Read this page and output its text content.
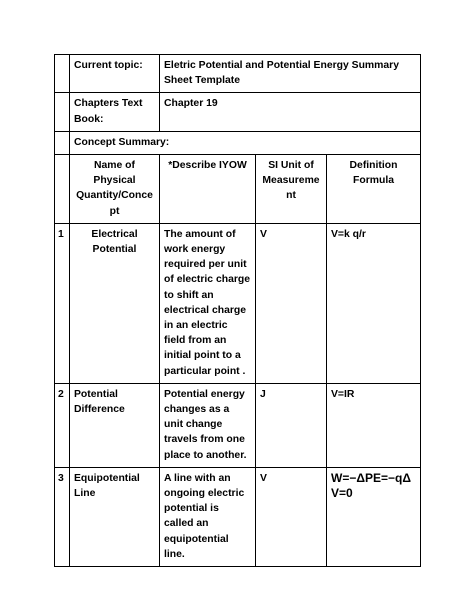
	Current topic:	Eletric Potential and Potential Energy Summary Sheet Template		
	Chapters Text Book:	Chapter 19		
	Concept Summary:			
	Name of Physical Quantity/Concept	*Describe IYOW	SI Unit of Measurement	Definition Formula
1	Electrical Potential	The amount of work energy required per unit of electric charge to shift an electrical charge in an electric field from an initial point to a particular point .	V	V=k q/r
2	Potential Difference	Potential energy changes as a unit change travels from one place to another.	J	V=IR
3	Equipotential Line	A line with an ongoing electric potential is called an equipotential line.	V	W=−ΔPE=−qΔV=0
